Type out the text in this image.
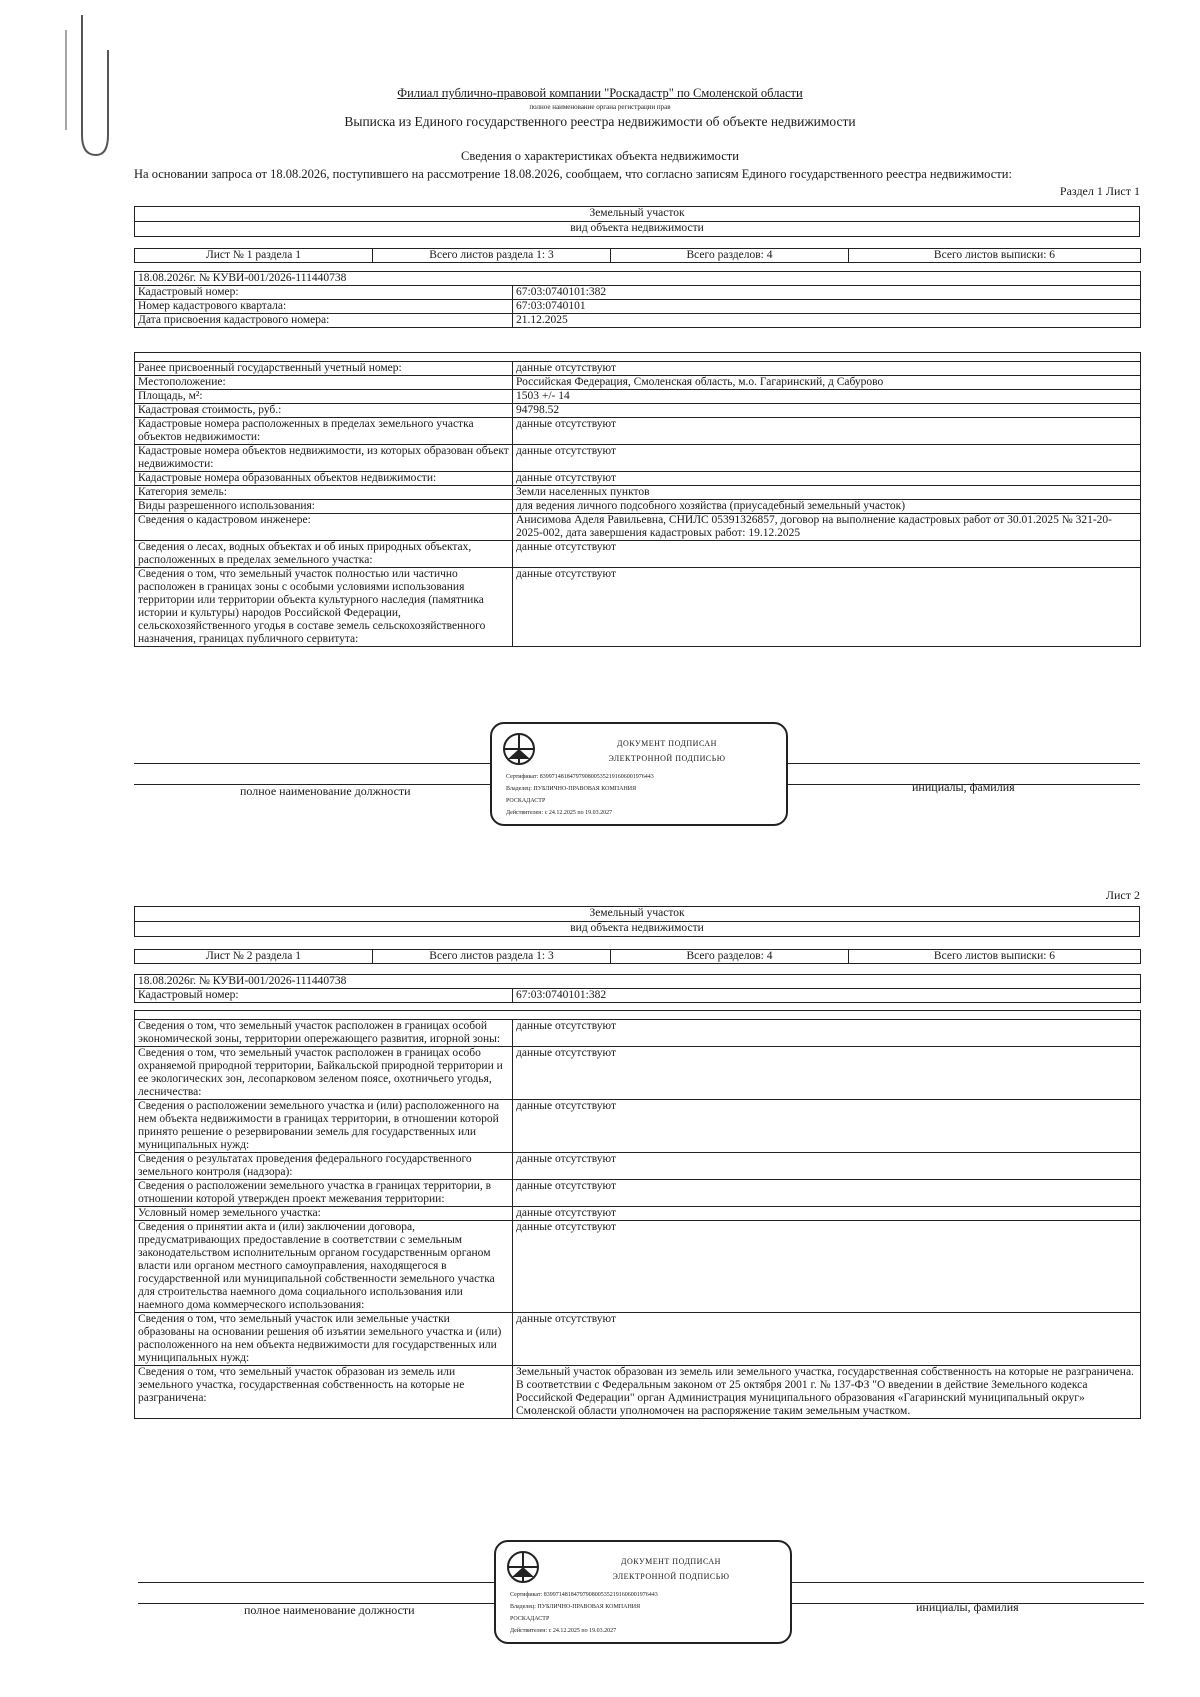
Филиал публично-правовой компании "Роскадастр" по Смоленской области
полное наименование органа регистрации прав
Выписка из Единого государственного реестра недвижимости об объекте недвижимости
Сведения о характеристиках объекта недвижимости
На основании запроса от 18.08.2026, поступившего на рассмотрение 18.08.2026, сообщаем, что согласно записям Единого государственного реестра недвижимости:
Раздел 1 Лист 1
Земельный участок
вид объекта недвижимости
Лист № 1 раздела 1	Всего листов раздела 1: 3	Всего разделов: 4	Всего листов выписки: 6
18.08.2026г. № КУВИ-001/2026-111440738	
Кадастровый номер:	67:03:0740101:382
Номер кадастрового квартала:	67:03:0740101
Дата присвоения кадастрового номера:	21.12.2025

Ранее присвоенный государственный учетный номер:	данные отсутствуют
Местоположение:	Российская Федерация, Смоленская область, м.о. Гагаринский, д Сабурово
Площадь, м²:	1503 +/- 14
Кадастровая стоимость, руб.:	94798.52
Кадастровые номера расположенных в пределах земельного участка объектов недвижимости:	данные отсутствуют
Кадастровые номера объектов недвижимости, из которых образован объект недвижимости:	данные отсутствуют
Кадастровые номера образованных объектов недвижимости:	данные отсутствуют
Категория земель:	Земли населенных пунктов
Виды разрешенного использования:	для ведения личного подсобного хозяйства (приусадебный земельный участок)
Сведения о кадастровом инженере:	Анисимова Аделя Равильевна, СНИЛС 05391326857, договор на выполнение кадастровых работ от 30.01.2025 № 321-20-2025-002, дата завершения кадастровых работ: 19.12.2025
Сведения о лесах, водных объектах и об иных природных объектах, расположенных в пределах земельного участка:	данные отсутствуют
Сведения о том, что земельный участок полностью или частично расположен в границах зоны с особыми условиями использования территории или территории объекта культурного наследия (памятника истории и культуры) народов Российской Федерации, сельскохозяйственного угодья в составе земель сельскохозяйственного назначения, границах публичного сервитута:	данные отсутствуют
полное наименование должности	инициалы, фамилия
ДОКУМЕНТ ПОДПИСАН
ЭЛЕКТРОННОЙ ПОДПИСЬЮ
Сертификат: 83997148184797908005352191606001976443
Владелец: ПУБЛИЧНО-ПРАВОВАЯ КОМПАНИЯ
РОСКАДАСТР
Действителен: с 24.12.2025 по 19.03.2027
Лист 2
Земельный участок
вид объекта недвижимости
Лист № 2 раздела 1	Всего листов раздела 1: 3	Всего разделов: 4	Всего листов выписки: 6
18.08.2026г. № КУВИ-001/2026-111440738
Кадастровый номер:	67:03:0740101:382

Сведения о том, что земельный участок расположен в границах особой экономической зоны, территории опережающего развития, игорной зоны:	данные отсутствуют
Сведения о том, что земельный участок расположен в границах особо охраняемой природной территории, Байкальской природной территории и ее экологических зон, лесопарковом зеленом поясе, охотничьего угодья, лесничества:	данные отсутствуют
Сведения о расположении земельного участка и (или) расположенного на нем объекта недвижимости в границах территории, в отношении которой принято решение о резервировании земель для государственных или муниципальных нужд:	данные отсутствуют
Сведения о результатах проведения федерального государственного земельного контроля (надзора):	данные отсутствуют
Сведения о расположении земельного участка в границах территории, в отношении которой утвержден проект межевания территории:	данные отсутствуют
Условный номер земельного участка:	данные отсутствуют
Сведения о принятии акта и (или) заключении договора, предусматривающих предоставление в соответствии с земельным законодательством исполнительным органом государственным органом власти или органом местного самоуправления, находящегося в государственной или муниципальной собственности земельного участка для строительства наемного дома социального использования или наемного дома коммерческого использования:	данные отсутствуют
Сведения о том, что земельный участок или земельные участки образованы на основании решения об изъятии земельного участка и (или) расположенного на нем объекта недвижимости для государственных или муниципальных нужд:	данные отсутствуют
Сведения о том, что земельный участок образован из земель или земельного участка, государственная собственность на которые не разграничена:	Земельный участок образован из земель или земельного участка, государственная собственность на которые не разграничена. В соответствии с Федеральным законом от 25 октября 2001 г. № 137-ФЗ "О введении в действие Земельного кодекса Российской Федерации" орган Администрация муниципального образования «Гагаринский муниципальный округ» Смоленской области уполномочен на распоряжение таким земельным участком.
полное наименование должности	инициалы, фамилия
ДОКУМЕНТ ПОДПИСАН
ЭЛЕКТРОННОЙ ПОДПИСЬЮ
Сертификат: 83997148184797908005352191606001976443
Владелец: ПУБЛИЧНО-ПРАВОВАЯ КОМПАНИЯ
РОСКАДАСТР
Действителен: с 24.12.2025 по 19.03.2027
